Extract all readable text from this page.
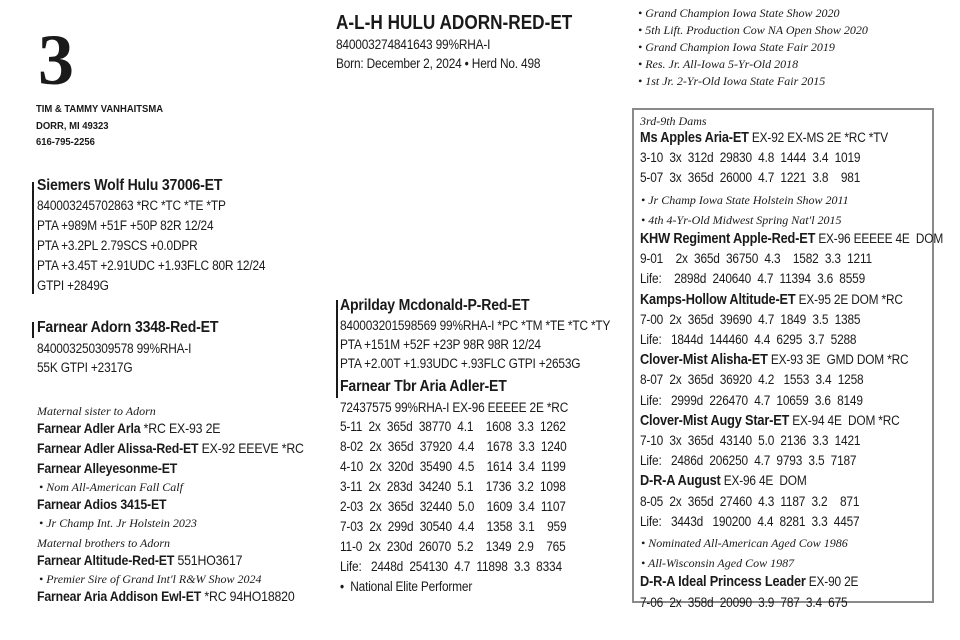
• Grand Champion Iowa State Show 2020
• 5th Lift. Production Cow NA Open Show 2020
• Grand Champion Iowa State Fair 2019
• Res. Jr. All-Iowa 5-Yr-Old 2018
• 1st Jr. 2-Yr-Old Iowa State Fair 2015
3
TIM & TAMMY VANHAITSMA
DORR, MI 49323
616-795-2256
A-L-H HULU ADORN-RED-ET
840003274841643 99%RHA-I
Born: December 2, 2024 • Herd No. 498
Siemers Wolf Hulu 37006-ET
840003245702863 *RC *TC *TE *TP
PTA +989M +51F +50P 82R 12/24
PTA +3.2PL 2.79SCS +0.0DPR
PTA +3.45T +2.91UDC +1.93FLC 80R 12/24
GTPI +2849G
Farnear Adorn 3348-Red-ET
840003250309578 99%RHA-I
55K GTPI +2317G
Maternal sister to Adorn
Farnear Adler Arla *RC EX-93 2E
Farnear Adler Alissa-Red-ET EX-92 EEEVE *RC
Farnear Alleyesonme-ET
• Nom All-American Fall Calf
Farnear Adios 3415-ET
• Jr Champ Int. Jr Holstein 2023
Maternal brothers to Adorn
Farnear Altitude-Red-ET 551HO3617
• Premier Sire of Grand Int'l R&W Show 2024
Farnear Aria Addison Ewl-ET *RC 94HO18820
Aprilday Mcdonald-P-Red-ET
840003201598569 99%RHA-I *PC *TM *TE *TC *TY
PTA +151M +52F +23P 98R 98R 12/24
PTA +2.00T +1.93UDC +.93FLC GTPI +2653G
Farnear Tbr Aria Adler-ET
72437575 99%RHA-I EX-96 EEEEE 2E *RC
5-11  2x  365d  38770  4.1    1608  3.3  1262
8-02  2x  365d  37920  4.4    1678  3.3  1240
4-10  2x  320d  35490  4.5    1614  3.4  1199
3-11  2x  283d  34240  5.1    1736  3.2  1098
2-03  2x  365d  32440  5.0    1609  3.4  1107
7-03  2x  299d  30540  4.4    1358  3.1    959
11-0  2x  230d  26070  5.2    1349  2.9    765
Life:   2448d  254130  4.7  11898  3.3  8334
•  National Elite Performer
3rd-9th Dams
Ms Apples Aria-ET EX-92 EX-MS 2E *RC *TV
3-10  3x  312d  29830  4.8  1444  3.4  1019
5-07  3x  365d  26000  4.7  1221  3.8    981
• Jr Champ Iowa State Holstein Show 2011
• 4th 4-Yr-Old Midwest Spring Nat'l 2015
KHW Regiment Apple-Red-ET EX-96 EEEEE 4E  DOM
9-01    2x  365d  36750  4.3    1582  3.3  1211
Life:    2898d  240640  4.7  11394  3.6  8559
Kamps-Hollow Altitude-ET EX-95 2E DOM *RC
7-00  2x  365d  39690  4.7  1849  3.5  1385
Life:   1844d  144460  4.4  6295  3.7  5288
Clover-Mist Alisha-ET EX-93 3E  GMD DOM *RC
8-07  2x  365d  36920  4.2   1553  3.4  1258
Life:   2999d  226470  4.7  10659  3.6  8149
Clover-Mist Augy Star-ET EX-94 4E  DOM *RC
7-10  3x  365d  43140  5.0  2136  3.3  1421
Life:   2486d  206250  4.7  9793  3.5  7187
D-R-A August EX-96 4E  DOM
8-05  2x  365d  27460  4.3  1187  3.2    871
Life:   3443d   190200  4.4  8281  3.3  4457
• Nominated All-American Aged Cow 1986
• All-Wisconsin Aged Cow 1987
D-R-A Ideal Princess Leader EX-90 2E
7-06  2x  358d  20090  3.9  787  3.4  675
